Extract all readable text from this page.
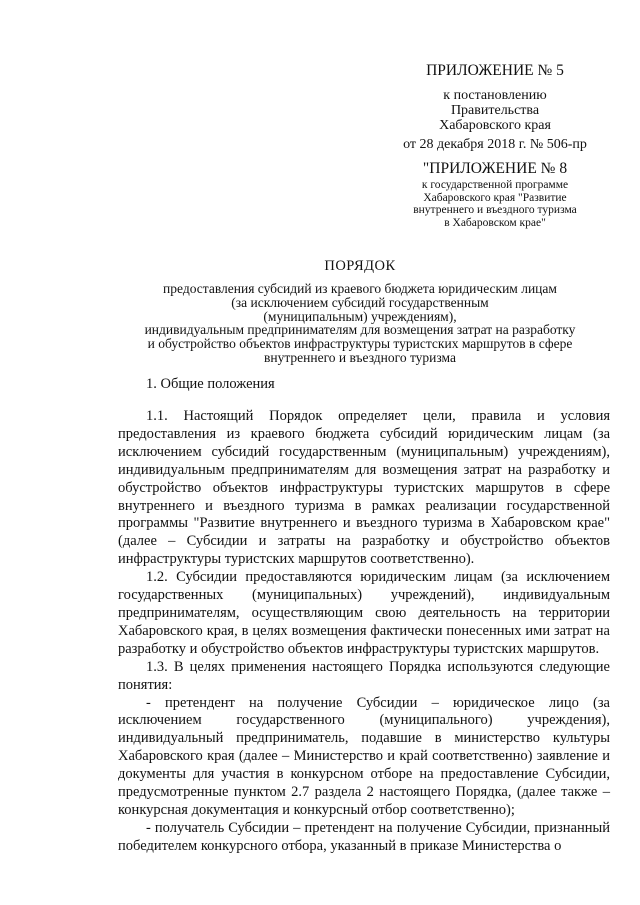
ПРИЛОЖЕНИЕ № 5
к постановлению
Правительства
Хабаровского края
от 28 декабря 2018 г. № 506-пр
"ПРИЛОЖЕНИЕ № 8
к государственной программе
Хабаровского края "Развитие
внутреннего и въездного туризма
в Хабаровском крае"
ПОРЯДОК
предоставления субсидий из краевого бюджета юридическим лицам
(за исключением субсидий государственным
(муниципальным) учреждениям),
индивидуальным предпринимателям для возмещения затрат на разработку
и обустройство объектов инфраструктуры туристских маршрутов в сфере
внутреннего и въездного туризма
1. Общие положения

1.1. Настоящий Порядок определяет цели, правила и условия предоставления из краевого бюджета субсидий юридическим лицам (за исключением субсидий государственным (муниципальным) учреждениям), индивидуальным предпринимателям для возмещения затрат на разработку и обустройство объектов инфраструктуры туристских маршрутов в сфере внутреннего и въездного туризма в рамках реализации государственной программы "Развитие внутреннего и въездного туризма в Хабаровском крае" (далее – Субсидии и затраты на разработку и обустройство объектов инфраструктуры туристских маршрутов соответственно).

1.2. Субсидии предоставляются юридическим лицам (за исключением государственных (муниципальных) учреждений), индивидуальным предпринимателям, осуществляющим свою деятельность на территории Хабаровского края, в целях возмещения фактически понесенных ими затрат на разработку и обустройство объектов инфраструктуры туристских маршрутов.

1.3. В целях применения настоящего Порядка используются следующие понятия:

- претендент на получение Субсидии – юридическое лицо (за исключением государственного (муниципального) учреждения), индивидуальный предприниматель, подавшие в министерство культуры Хабаровского края (далее – Министерство и край соответственно) заявление и документы для участия в конкурсном отборе на предоставление Субсидии, предусмотренные пунктом 2.7 раздела 2 настоящего Порядка, (далее также – конкурсная документация и конкурсный отбор соответственно);

- получатель Субсидии – претендент на получение Субсидии, признанный победителем конкурсного отбора, указанный в приказе Министерства о
